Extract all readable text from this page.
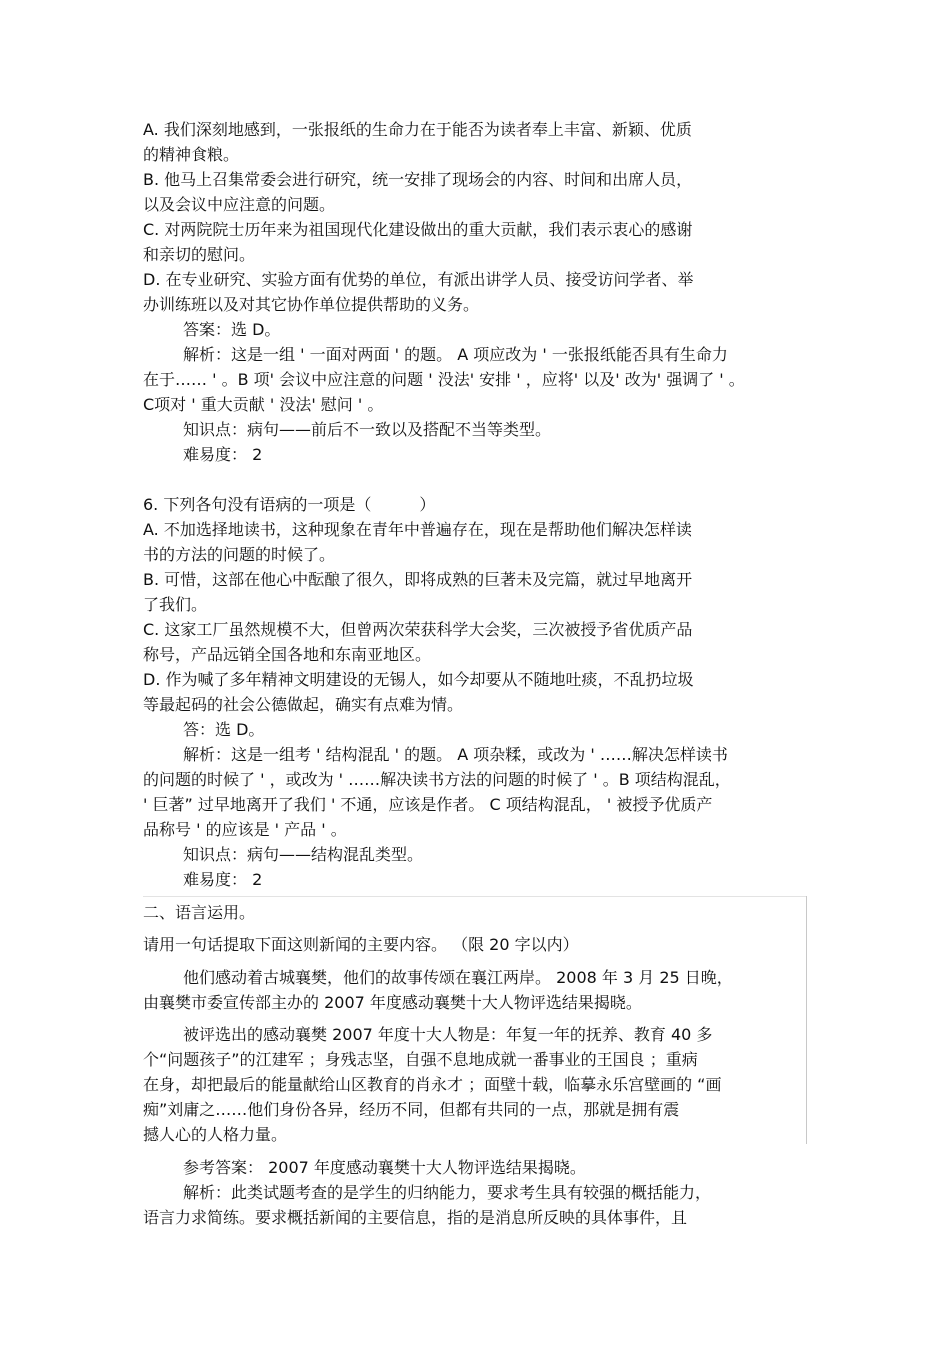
A. 我们深刻地感到，一张报纸的生命力在于能否为读者奉上丰富、新颖、优质

的精神食粮。

B. 他马上召集常委会进行研究，统一安排了现场会的内容、时间和出席人员，

以及会议中应注意的问题。

C. 对两院院士历年来为祖国现代化建设做出的重大贡献，我们表示衷心的感谢

和亲切的慰问。

D. 在专业研究、实验方面有优势的单位，有派出讲学人员、接受访问学者、举

办训练班以及对其它协作单位提供帮助的义务。

答案：选 D。

解析：这是一组 ' 一面对两面 ' 的题。 A 项应改为 ' 一张报纸能否具有生命力

在于…… ' 。B 项' 会议中应注意的问题 ' 没法' 安排 ' ，应将' 以及' 改为' 强调了 ' 。

C项对 ' 重大贡献 ' 没法' 慰问 ' 。

知识点：病句——前后不一致以及搭配不当等类型。

难易度： 2

6. 下列各句没有语病的一项是（　　　）

A. 不加选择地读书，这种现象在青年中普遍存在，现在是帮助他们解决怎样读

书的方法的问题的时候了。

B. 可惜，这部在他心中酝酿了很久，即将成熟的巨著未及完篇，就过早地离开

了我们。

C. 这家工厂虽然规模不大，但曾两次荣获科学大会奖，三次被授予省优质产品

称号，产品远销全国各地和东南亚地区。

D. 作为喊了多年精神文明建设的无锡人，如今却要从不随地吐痰，不乱扔垃圾

等最起码的社会公德做起，确实有点难为情。

答：选 D。

解析：这是一组考 ' 结构混乱 ' 的题。 A 项杂糅，或改为 ' ……解决怎样读书

的问题的时候了 ' ，或改为 ' ……解决读书方法的问题的时候了 ' 。B 项结构混乱，

' 巨著” 过早地离开了我们 ' 不通，应该是作者。 C 项结构混乱， ' 被授予优质产

品称号 ' 的应该是 ' 产品 ' 。

知识点：病句——结构混乱类型。

难易度： 2

二、语言运用。

请用一句话提取下面这则新闻的主要内容。 （限 20 字以内）

他们感动着古城襄樊，他们的故事传颂在襄江两岸。 2008 年 3 月 25 日晚，

由襄樊市委宣传部主办的 2007 年度感动襄樊十大人物评选结果揭晓。

被评选出的感动襄樊 2007 年度十大人物是：年复一年的抚养、教育 40 多

个“问题孩子”的江建军 ；身残志坚，自强不息地成就一番事业的王国良 ；重病

在身，却把最后的能量献给山区教育的肖永才 ；面壁十载，临摹永乐宫壁画的 “画

痴”刘庸之……他们身份各异，经历不同，但都有共同的一点，那就是拥有震

撼人心的人格力量。

参考答案： 2007 年度感动襄樊十大人物评选结果揭晓。

解析：此类试题考查的是学生的归纳能力，要求考生具有较强的概括能力，

语言力求简练。要求概括新闻的主要信息，指的是消息所反映的具体事件，且
